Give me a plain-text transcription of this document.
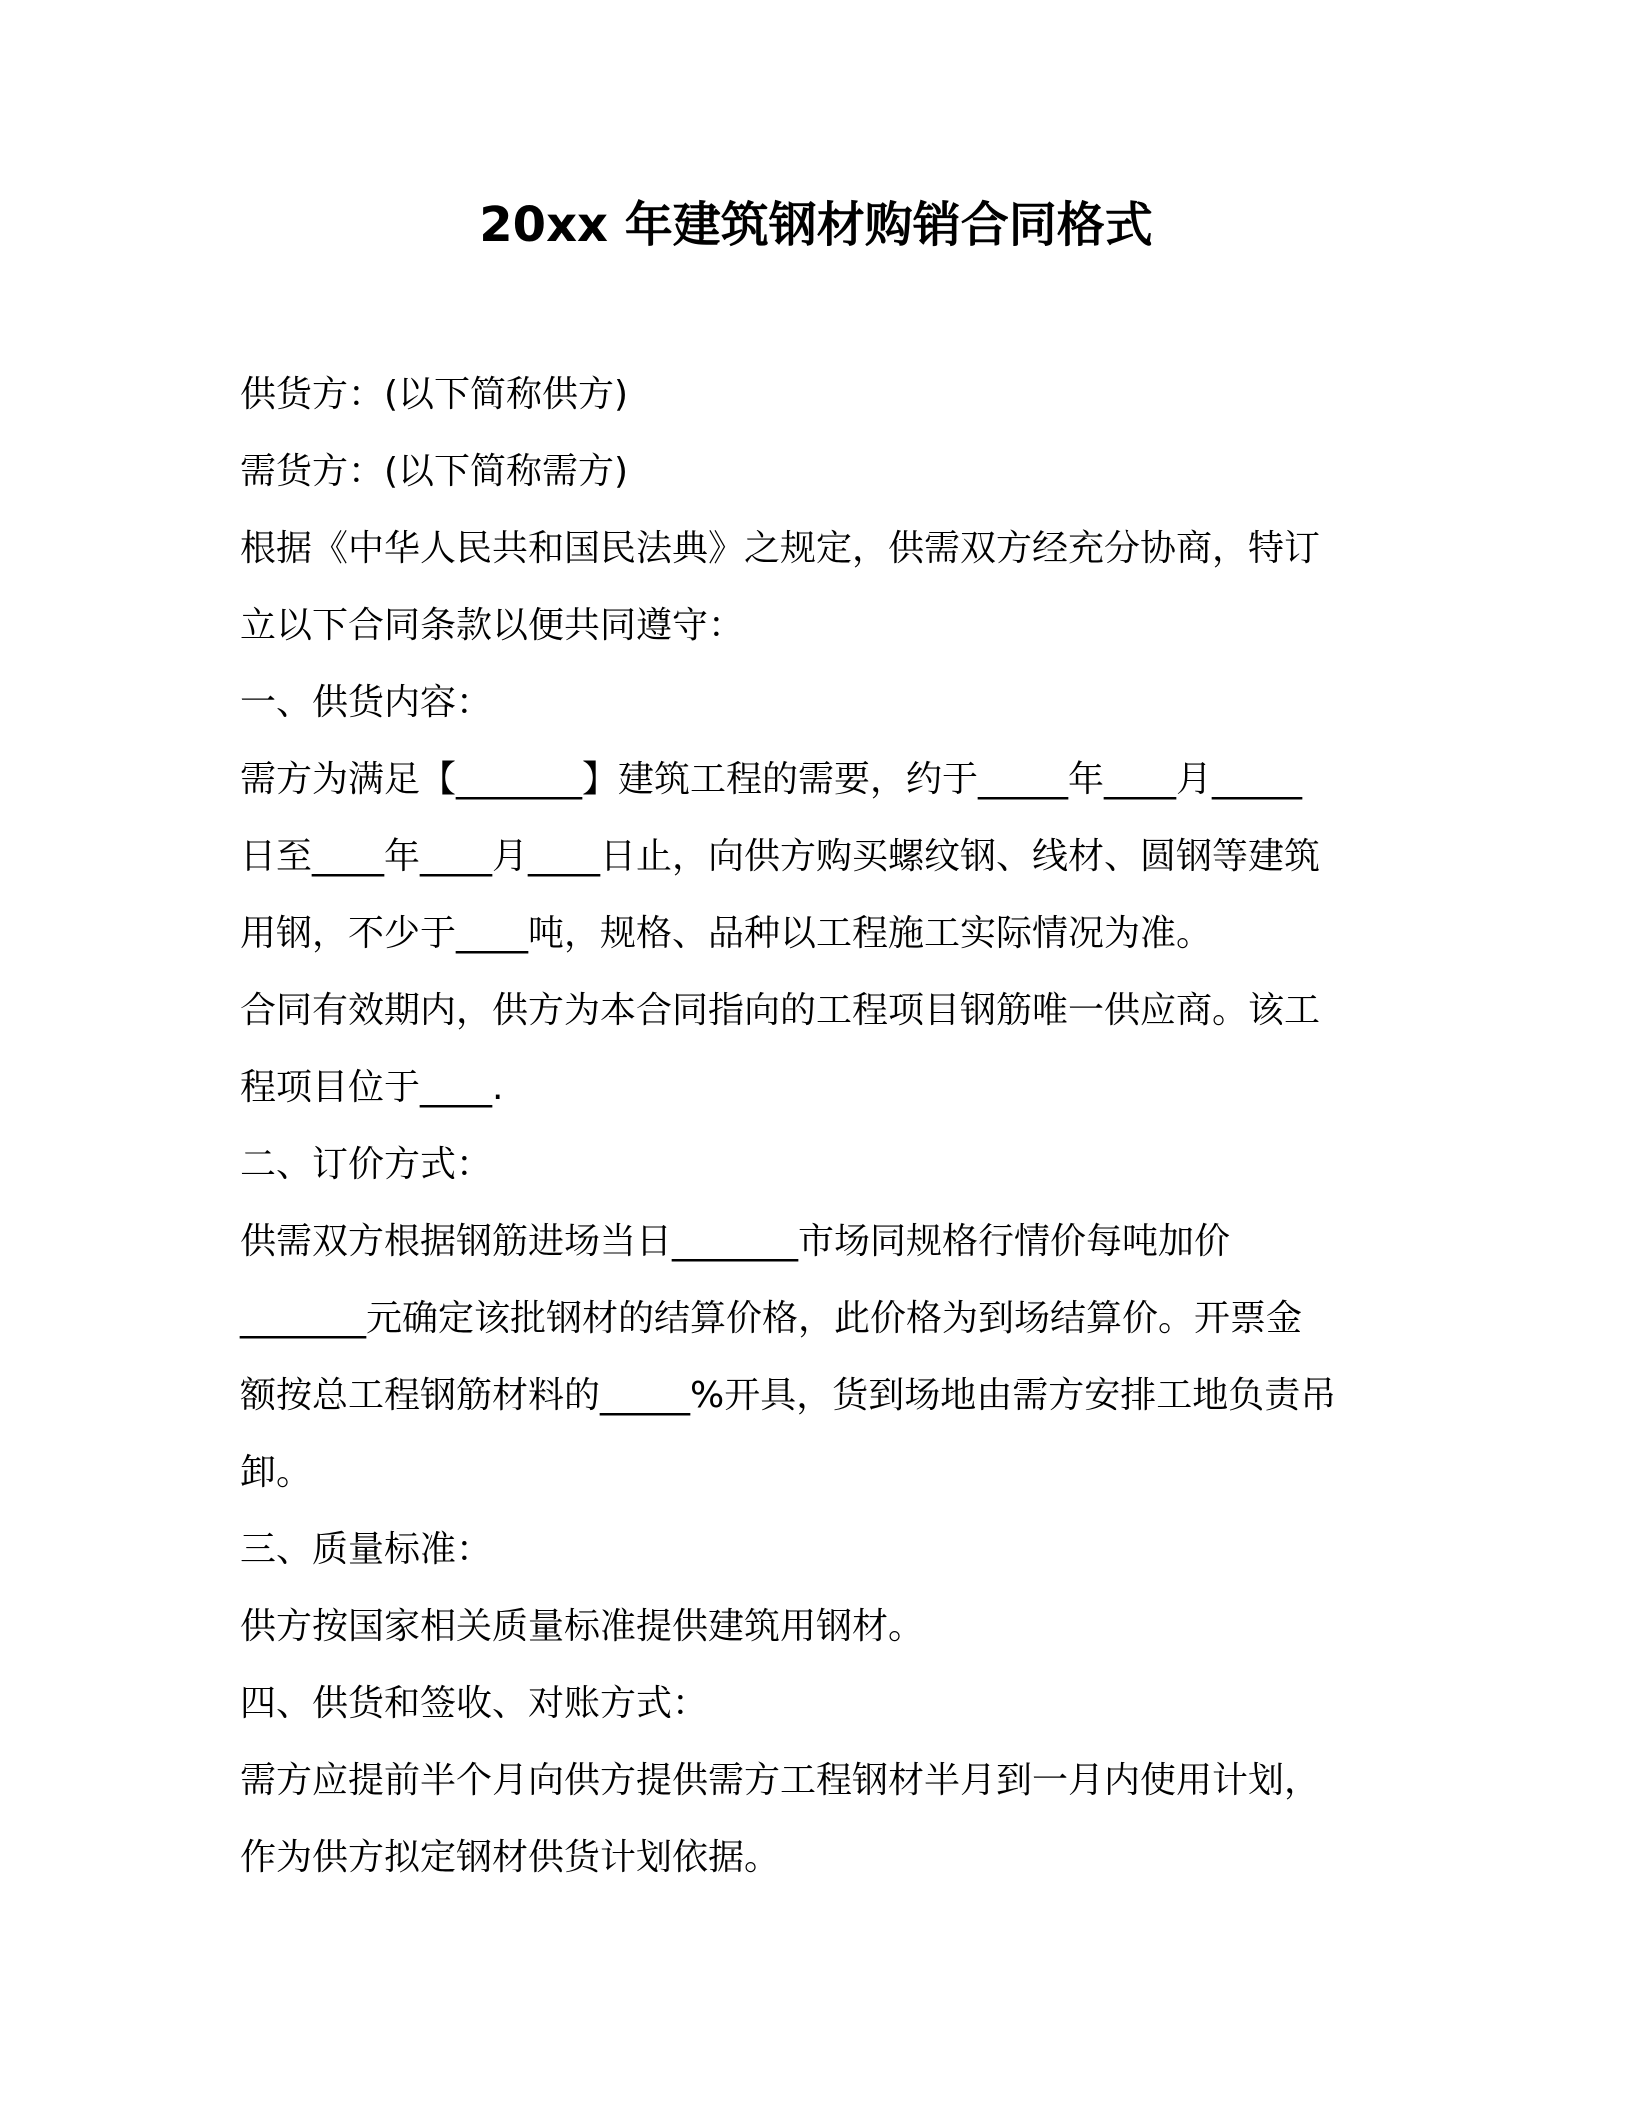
20xx 年建筑钢材购销合同格式

供货方：(以下简称供方)

需货方：(以下简称需方)

根据《中华人民共和国民法典》之规定，供需双方经充分协商，特订

立以下合同条款以便共同遵守：

一、供货内容：

需方为满足【_______】建筑工程的需要，约于_____年____月_____

日至____年____月____日止，向供方购买螺纹钢、线材、圆钢等建筑

用钢，不少于____吨，规格、品种以工程施工实际情况为准。

合同有效期内，供方为本合同指向的工程项目钢筋唯一供应商。该工

程项目位于____.

二、订价方式：

供需双方根据钢筋进场当日_______市场同规格行情价每吨加价

_______元确定该批钢材的结算价格，此价格为到场结算价。开票金

额按总工程钢筋材料的_____%开具，货到场地由需方安排工地负责吊

卸。

三、质量标准：

供方按国家相关质量标准提供建筑用钢材。

四、供货和签收、对账方式：

需方应提前半个月向供方提供需方工程钢材半月到一月内使用计划，

作为供方拟定钢材供货计划依据。
